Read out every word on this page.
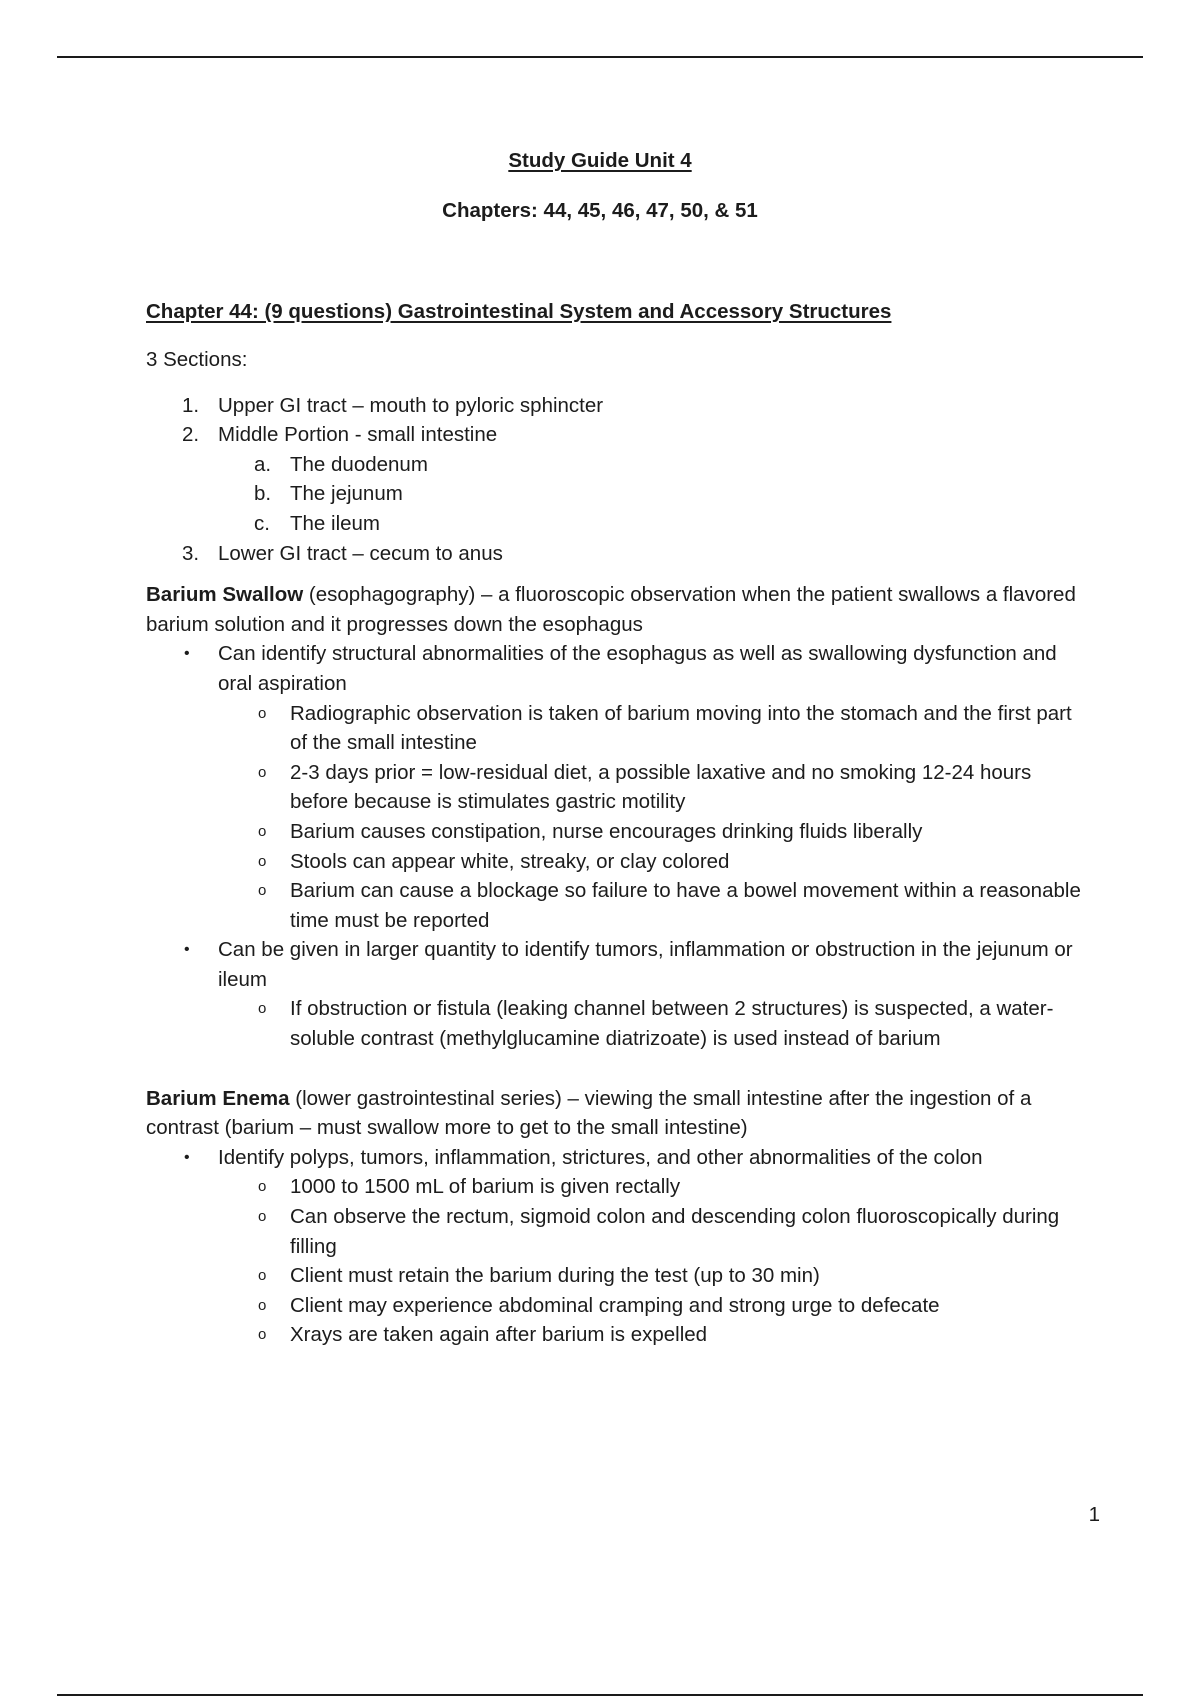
Study Guide Unit 4
Chapters: 44, 45, 46, 47, 50, & 51

Chapter 44: (9 questions) Gastrointestinal System and Accessory Structures

3 Sections:

1. Upper GI tract – mouth to pyloric sphincter
2. Middle Portion - small intestine
a. The duodenum
b. The jejunum
c. The ileum
3. Lower GI tract – cecum to anus

Barium Swallow (esophagography) – a fluoroscopic observation when the patient swallows a flavored barium solution and it progresses down the esophagus

• Can identify structural abnormalities of the esophagus as well as swallowing dysfunction and oral aspiration
o Radiographic observation is taken of barium moving into the stomach and the first part of the small intestine
o 2-3 days prior = low-residual diet, a possible laxative and no smoking 12-24 hours before because is stimulates gastric motility
o Barium causes constipation, nurse encourages drinking fluids liberally
o Stools can appear white, streaky, or clay colored
o Barium can cause a blockage so failure to have a bowel movement within a reasonable time must be reported
• Can be given in larger quantity to identify tumors, inflammation or obstruction in the jejunum or ileum
o If obstruction or fistula (leaking channel between 2 structures) is suspected, a water-soluble contrast (methylglucamine diatrizoate) is used instead of barium

Barium Enema (lower gastrointestinal series) – viewing the small intestine after the ingestion of a contrast (barium – must swallow more to get to the small intestine)

• Identify polyps, tumors, inflammation, strictures, and other abnormalities of the colon
o 1000 to 1500 mL of barium is given rectally
o Can observe the rectum, sigmoid colon and descending colon fluoroscopically during filling
o Client must retain the barium during the test (up to 30 min)
o Client may experience abdominal cramping and strong urge to defecate
o Xrays are taken again after barium is expelled
1
